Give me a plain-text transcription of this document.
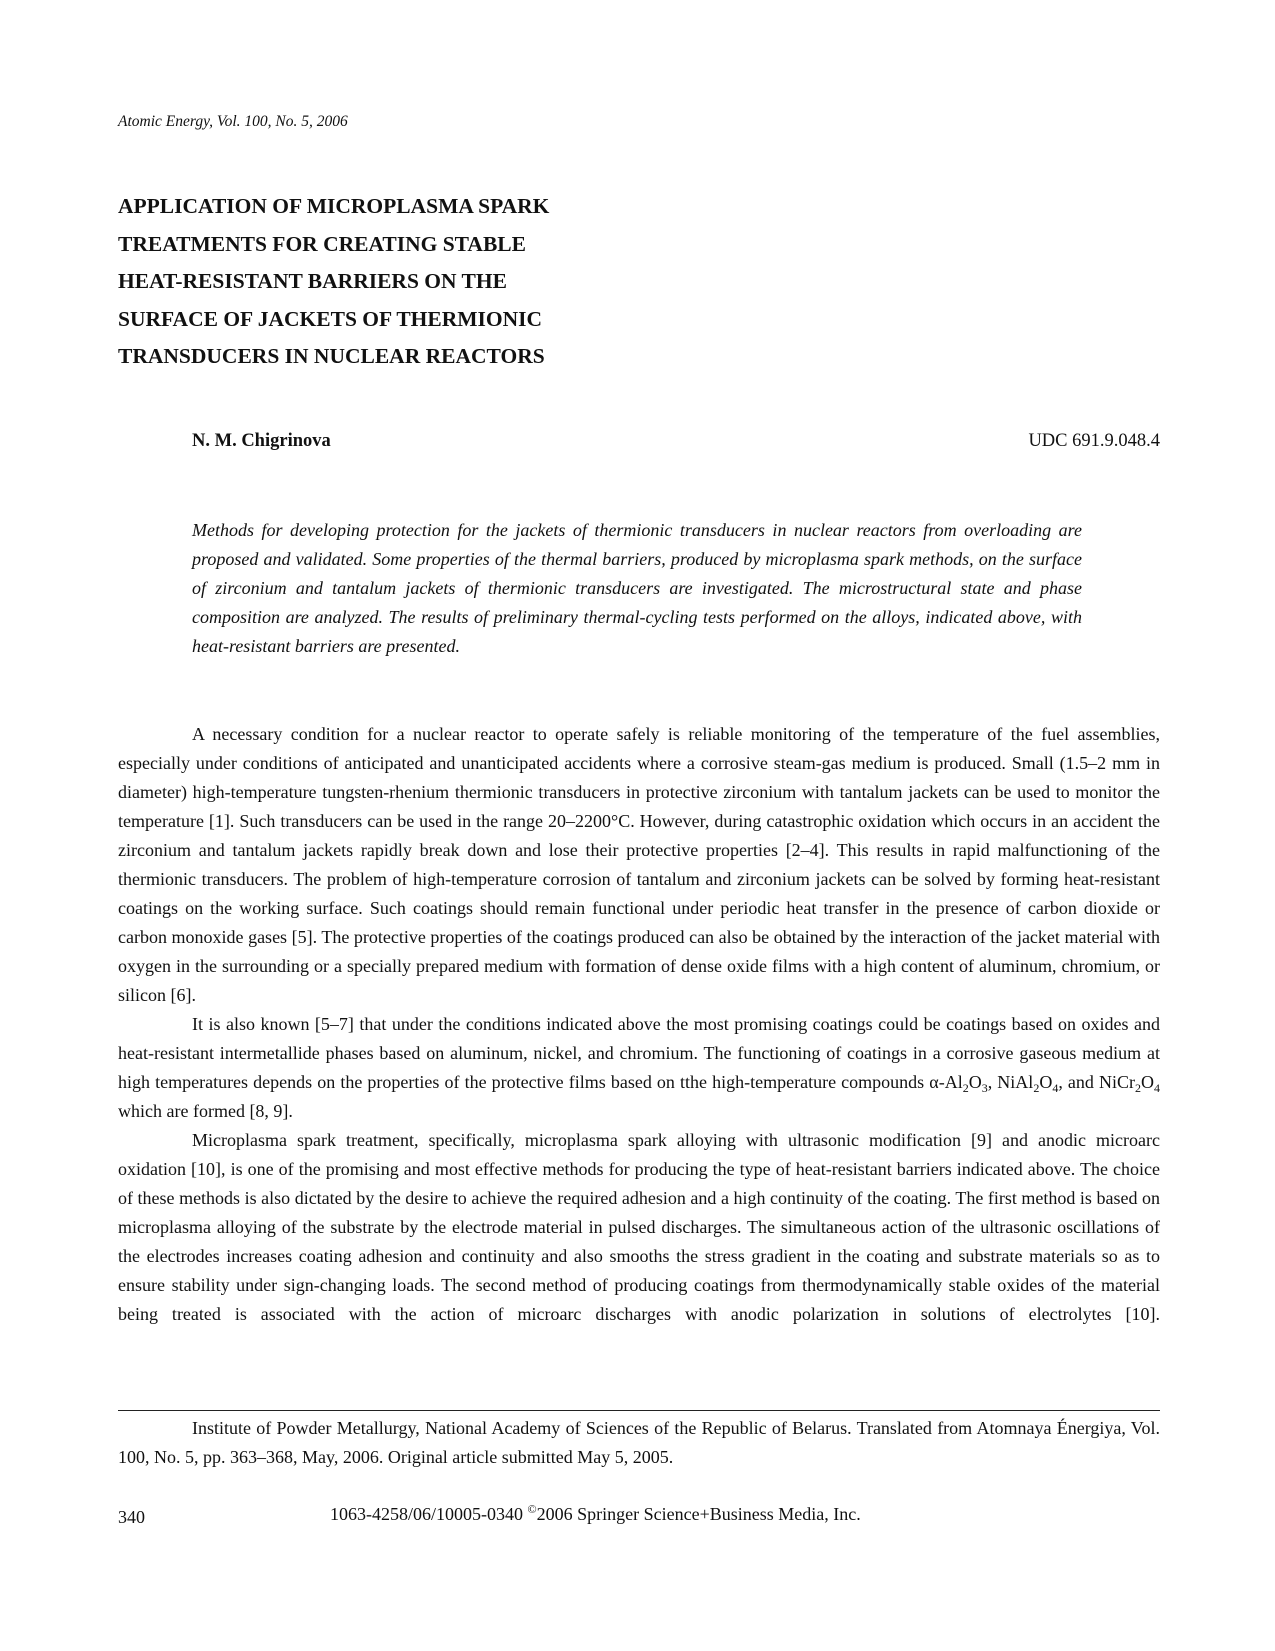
Atomic Energy, Vol. 100, No. 5, 2006
APPLICATION OF MICROPLASMA SPARK
TREATMENTS FOR CREATING STABLE
HEAT-RESISTANT BARRIERS ON THE
SURFACE OF JACKETS OF THERMIONIC
TRANSDUCERS IN NUCLEAR REACTORS
N. M. Chigrinova	UDC 691.9.048.4
Methods for developing protection for the jackets of thermionic transducers in nuclear reactors from overloading are proposed and validated. Some properties of the thermal barriers, produced by microplasma spark methods, on the surface of zirconium and tantalum jackets of thermionic transducers are investigated. The microstructural state and phase composition are analyzed. The results of preliminary thermal-cycling tests performed on the alloys, indicated above, with heat-resistant barriers are presented.

A necessary condition for a nuclear reactor to operate safely is reliable monitoring of the temperature of the fuel assemblies, especially under conditions of anticipated and unanticipated accidents where a corrosive steam-gas medium is produced. Small (1.5–2 mm in diameter) high-temperature tungsten-rhenium thermionic transducers in protective zirconium with tantalum jackets can be used to monitor the temperature [1]. Such transducers can be used in the range 20–2200°C. However, during catastrophic oxidation which occurs in an accident the zirconium and tantalum jackets rapidly break down and lose their protective properties [2–4]. This results in rapid malfunctioning of the thermionic transducers. The problem of high-temperature corrosion of tantalum and zirconium jackets can be solved by forming heat-resistant coatings on the working surface. Such coatings should remain functional under periodic heat transfer in the presence of carbon dioxide or carbon monoxide gases [5]. The protective properties of the coatings produced can also be obtained by the interaction of the jacket material with oxygen in the surrounding or a specially prepared medium with formation of dense oxide films with a high content of aluminum, chromium, or silicon [6].

It is also known [5–7] that under the conditions indicated above the most promising coatings could be coatings based on oxides and heat-resistant intermetallide phases based on aluminum, nickel, and chromium. The functioning of coatings in a corrosive gaseous medium at high temperatures depends on the properties of the protective films based on tthe high-temperature compounds $\alpha-Al_2O_3$, $NiAl_2O_4$, and $NiCr_2O_4$ which are formed [8, 9].

Microplasma spark treatment, specifically, microplasma spark alloying with ultrasonic modification [9] and anodic microarc oxidation [10], is one of the promising and most effective methods for producing the type of heat-resistant barriers indicated above. The choice of these methods is also dictated by the desire to achieve the required adhesion and a high continuity of the coating. The first method is based on microplasma alloying of the substrate by the electrode material in pulsed discharges. The simultaneous action of the ultrasonic oscillations of the electrodes increases coating adhesion and continuity and also smooths the stress gradient in the coating and substrate materials so as to ensure stability under sign-changing loads. The second method of producing coatings from thermodynamically stable oxides of the material being treated is associated with the action of microarc discharges with anodic polarization in solutions of electrolytes [10].

Institute of Powder Metallurgy, National Academy of Sciences of the Republic of Belarus. Translated from Atomnaya Énergiya, Vol. 100, No. 5, pp. 363–368, May, 2006. Original article submitted May 5, 2005.
340	1063-4258/06/10005-0340 ©2006 Springer Science+Business Media, Inc.
